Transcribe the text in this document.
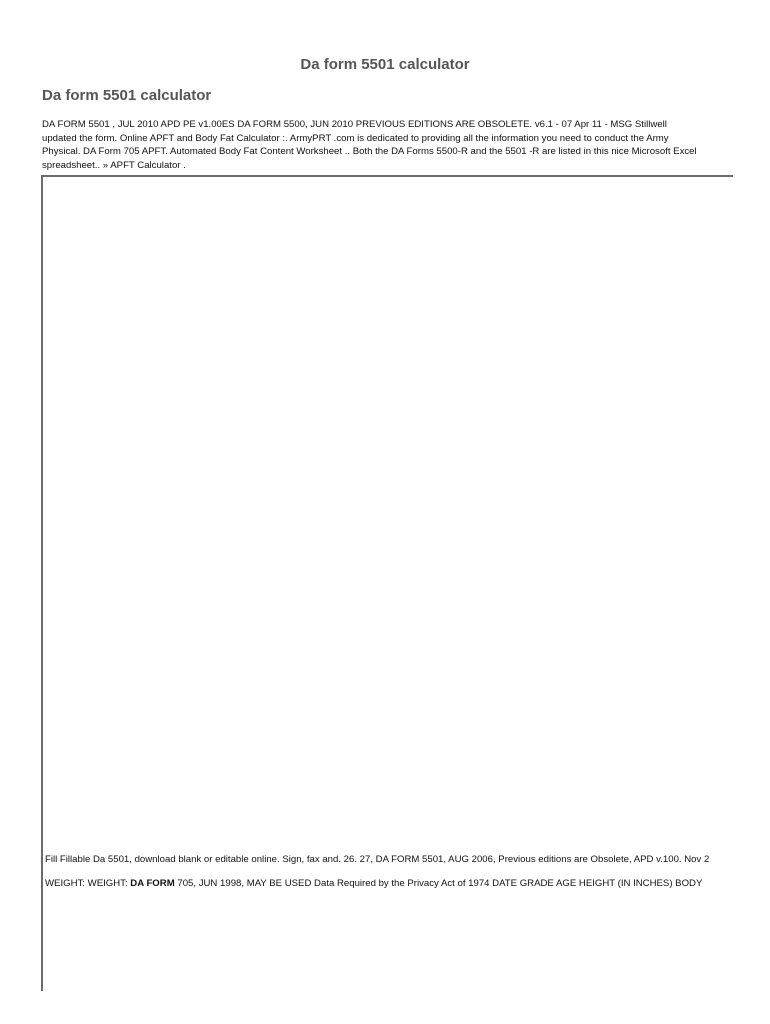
Da form 5501 calculator
Da form 5501 calculator

DA FORM 5501 , JUL 2010 APD PE v1.00ES DA FORM 5500, JUN 2010 PREVIOUS EDITIONS ARE OBSOLETE. v6.1 - 07 Apr 11 - MSG Stillwell updated the form. Online APFT and Body Fat Calculator :. ArmyPRT .com is dedicated to providing all the information you need to conduct the Army Physical. DA Form 705 APFT. Automated Body Fat Content Worksheet .. Both the DA Forms 5500-R and the 5501 -R are listed in this nice Microsoft Excel spreadsheet.. » APFT Calculator .

Fill Fillable Da 5501, download blank or editable online. Sign, fax and. 26. 27, DA FORM 5501, AUG 2006, Previous editions are Obsolete, APD v.100. Nov 2
WEIGHT: WEIGHT: DA FORM 705, JUN 1998, MAY BE USED Data Required by the Privacy Act of 1974 DATE GRADE AGE HEIGHT (IN INCHES) BODY
